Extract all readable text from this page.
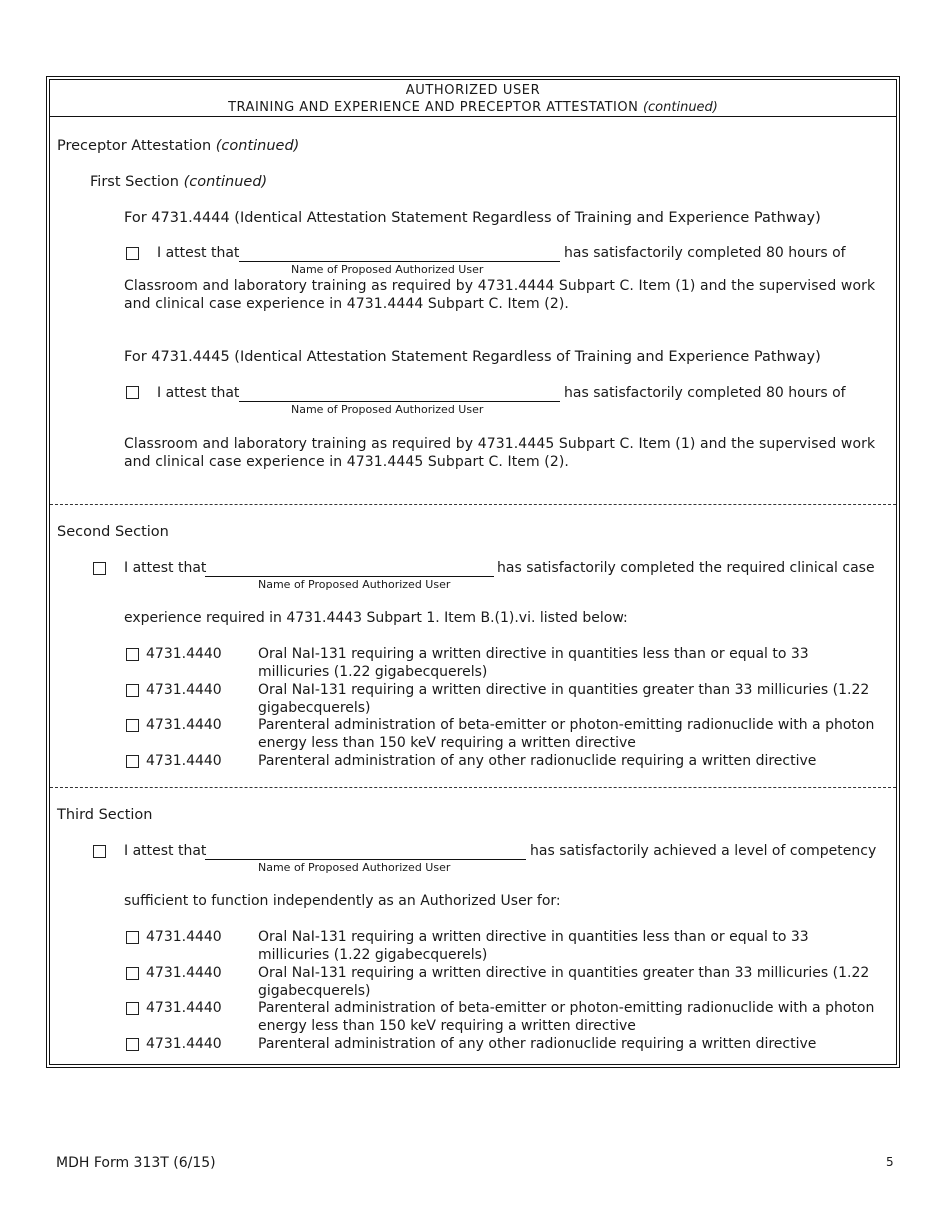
AUTHORIZED USER
TRAINING AND EXPERIENCE AND PRECEPTOR ATTESTATION (continued)
Preceptor Attestation (continued)
First Section (continued)
For 4731.4444 (Identical Attestation Statement Regardless of Training and Experience Pathway)
I attest that	has satisfactorily completed 80 hours of
Name of Proposed Authorized User
Classroom and laboratory training as required by 4731.4444 Subpart C. Item (1) and the supervised work and clinical case experience in 4731.4444 Subpart C. Item (2).
For 4731.4445 (Identical Attestation Statement Regardless of Training and Experience Pathway)
I attest that	has satisfactorily completed 80 hours of
Name of Proposed Authorized User
Classroom and laboratory training as required by 4731.4445 Subpart C. Item (1) and the supervised work and clinical case experience in 4731.4445 Subpart C. Item (2).
Second Section
I attest that	has satisfactorily completed the required clinical case
Name of Proposed Authorized User
experience required in 4731.4443 Subpart 1. Item B.(1).vi. listed below:
4731.4440	Oral NaI-131 requiring a written directive in quantities less than or equal to 33 millicuries (1.22 gigabecquerels)
4731.4440	Oral NaI-131 requiring a written directive in quantities greater than 33 millicuries (1.22 gigabecquerels)
4731.4440	Parenteral administration of beta-emitter or photon-emitting radionuclide with a photon energy less than 150 keV requiring a written directive
4731.4440	Parenteral administration of any other radionuclide requiring a written directive
Third Section
I attest that	has satisfactorily achieved a level of competency
Name of Proposed Authorized User
sufficient to function independently as an Authorized User for:
4731.4440	Oral NaI-131 requiring a written directive in quantities less than or equal to 33 millicuries (1.22 gigabecquerels)
4731.4440	Oral NaI-131 requiring a written directive in quantities greater than 33 millicuries (1.22 gigabecquerels)
4731.4440	Parenteral administration of beta-emitter or photon-emitting radionuclide with a photon energy less than 150 keV requiring a written directive
4731.4440	Parenteral administration of any other radionuclide requiring a written directive
MDH Form 313T (6/15)	5
